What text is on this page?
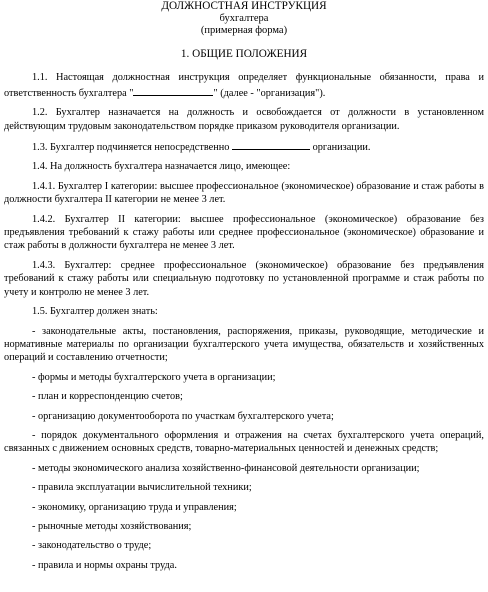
ДОЛЖНОСТНАЯ ИНСТРУКЦИЯ
бухгалтера
(примерная форма)
1. ОБЩИЕ ПОЛОЖЕНИЯ

1.1. Настоящая должностная инструкция определяет функциональные обязанности, права и ответственность бухгалтера "	" (далее - "организация").

1.2. Бухгалтер назначается на должность и освобождается от должности в установленном действующим трудовым законодательством порядке приказом руководителя организации.

1.3. Бухгалтер подчиняется непосредственно	организации.

1.4. На должность бухгалтера назначается лицо, имеющее:

1.4.1. Бухгалтер I категории: высшее профессиональное (экономическое) образование и стаж работы в должности бухгалтера II категории не менее 3 лет.

1.4.2. Бухгалтер II категории: высшее профессиональное (экономическое) образование без предъявления требований к стажу работы или среднее профессиональное (экономическое) образование и стаж работы в должности бухгалтера не менее 3 лет.

1.4.3. Бухгалтер: среднее профессиональное (экономическое) образование без предъявления требований к стажу работы или специальную подготовку по установленной программе и стаж работы по учету и контролю не менее 3 лет.

1.5. Бухгалтер должен знать:

- законодательные акты, постановления, распоряжения, приказы, руководящие, методические и нормативные материалы по организации бухгалтерского учета имущества, обязательств и хозяйственных операций и составлению отчетности;

- формы и методы бухгалтерского учета в организации;

- план и корреспонденцию счетов;

- организацию документооборота по участкам бухгалтерского учета;

- порядок документального оформления и отражения на счетах бухгалтерского учета операций, связанных с движением основных средств, товарно-материальных ценностей и денежных средств;

- методы экономического анализа хозяйственно-финансовой деятельности организации;

- правила эксплуатации вычислительной техники;

- экономику, организацию труда и управления;

- рыночные методы хозяйствования;

- законодательство о труде;

- правила и нормы охраны труда.
